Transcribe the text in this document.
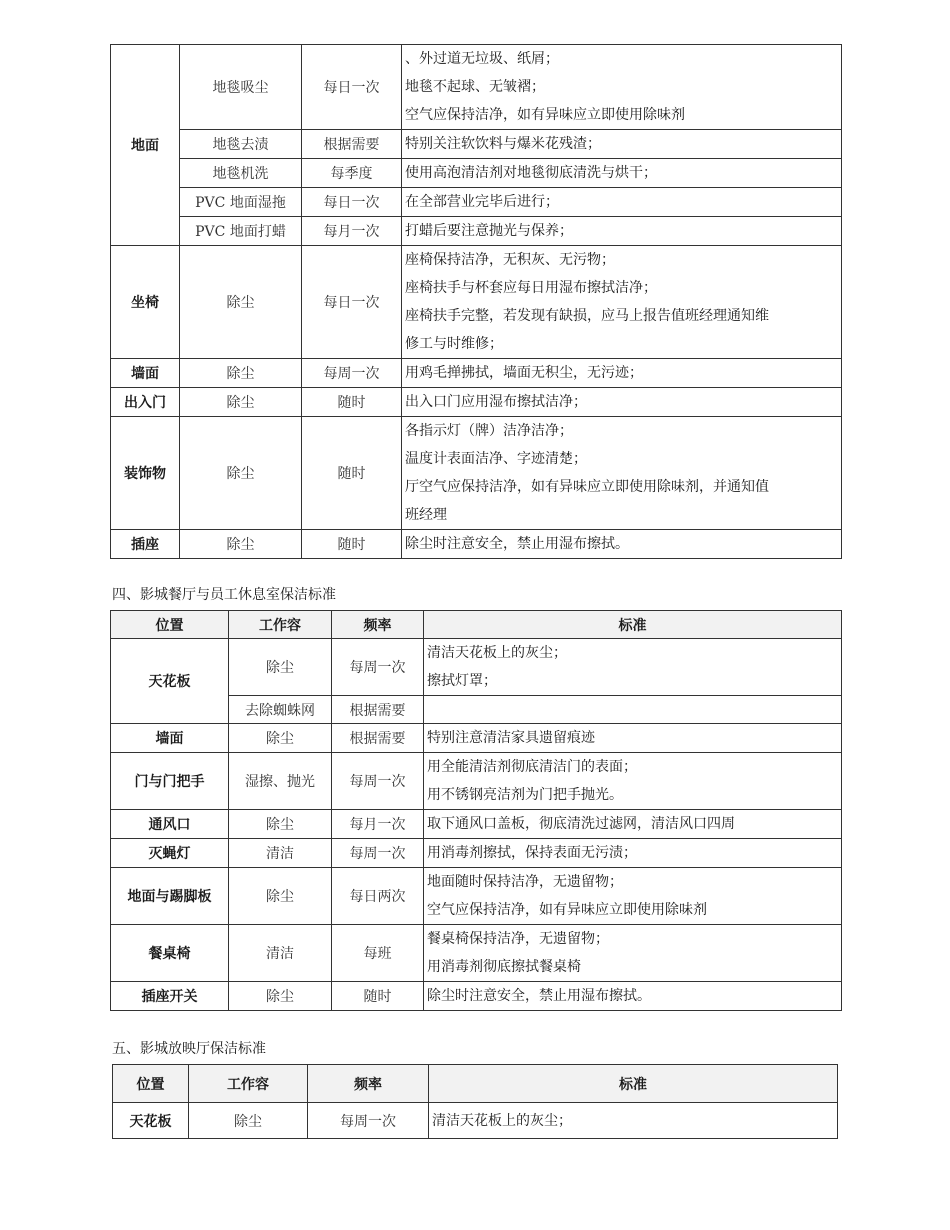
地面	地毯吸尘	每日一次	、外过道无垃圾、纸屑；
地毯不起球、无皱褶；
空气应保持洁净，如有异味应立即使用除味剂

	地毯去渍	根据需要	特别关注软饮料与爆米花残渣；

	地毯机洗	每季度	使用高泡清洁剂对地毯彻底清洗与烘干；

	PVC 地面湿拖	每日一次	在全部营业完毕后进行；

	PVC 地面打蜡	每月一次	打蜡后要注意抛光与保养；

坐椅	除尘	每日一次	座椅保持洁净，无积灰、无污物；
座椅扶手与杯套应每日用湿布擦拭洁净；
座椅扶手完整，若发现有缺损，应马上报告值班经理通知维
修工与时维修；

墙面	除尘	每周一次	用鸡毛掸拂拭，墙面无积尘，无污迹；

出入门	除尘	随时	出入口门应用湿布擦拭洁净；

装饰物	除尘	随时	各指示灯（牌）洁净洁净；
温度计表面洁净、字迹清楚；
厅空气应保持洁净，如有异味应立即使用除味剂，并通知值
班经理

插座	除尘	随时	除尘时注意安全，禁止用湿布擦拭。
四、影城餐厅与员工休息室保洁标准
位置	工作容	频率	标准
天花板	除尘	每周一次	清洁天花板上的灰尘；
擦拭灯罩；

	去除蜘蛛网	根据需要	

墙面	除尘	根据需要	特别注意清洁家具遗留痕迹

门与门把手	湿擦、抛光	每周一次	用全能清洁剂彻底清洁门的表面；
用不锈钢亮洁剂为门把手抛光。

通风口	除尘	每月一次	取下通风口盖板，彻底清洗过滤网，清洁风口四周

灭蝇灯	清洁	每周一次	用消毒剂擦拭，保持表面无污渍；

地面与踢脚板	除尘	每日两次	地面随时保持洁净，无遗留物；
空气应保持洁净，如有异味应立即使用除味剂

餐桌椅	清洁	每班	餐桌椅保持洁净，无遗留物；
用消毒剂彻底擦拭餐桌椅

插座开关	除尘	随时	除尘时注意安全，禁止用湿布擦拭。
五、影城放映厅保洁标准
位置	工作容	频率	标准
天花板	除尘	每周一次	清洁天花板上的灰尘；
